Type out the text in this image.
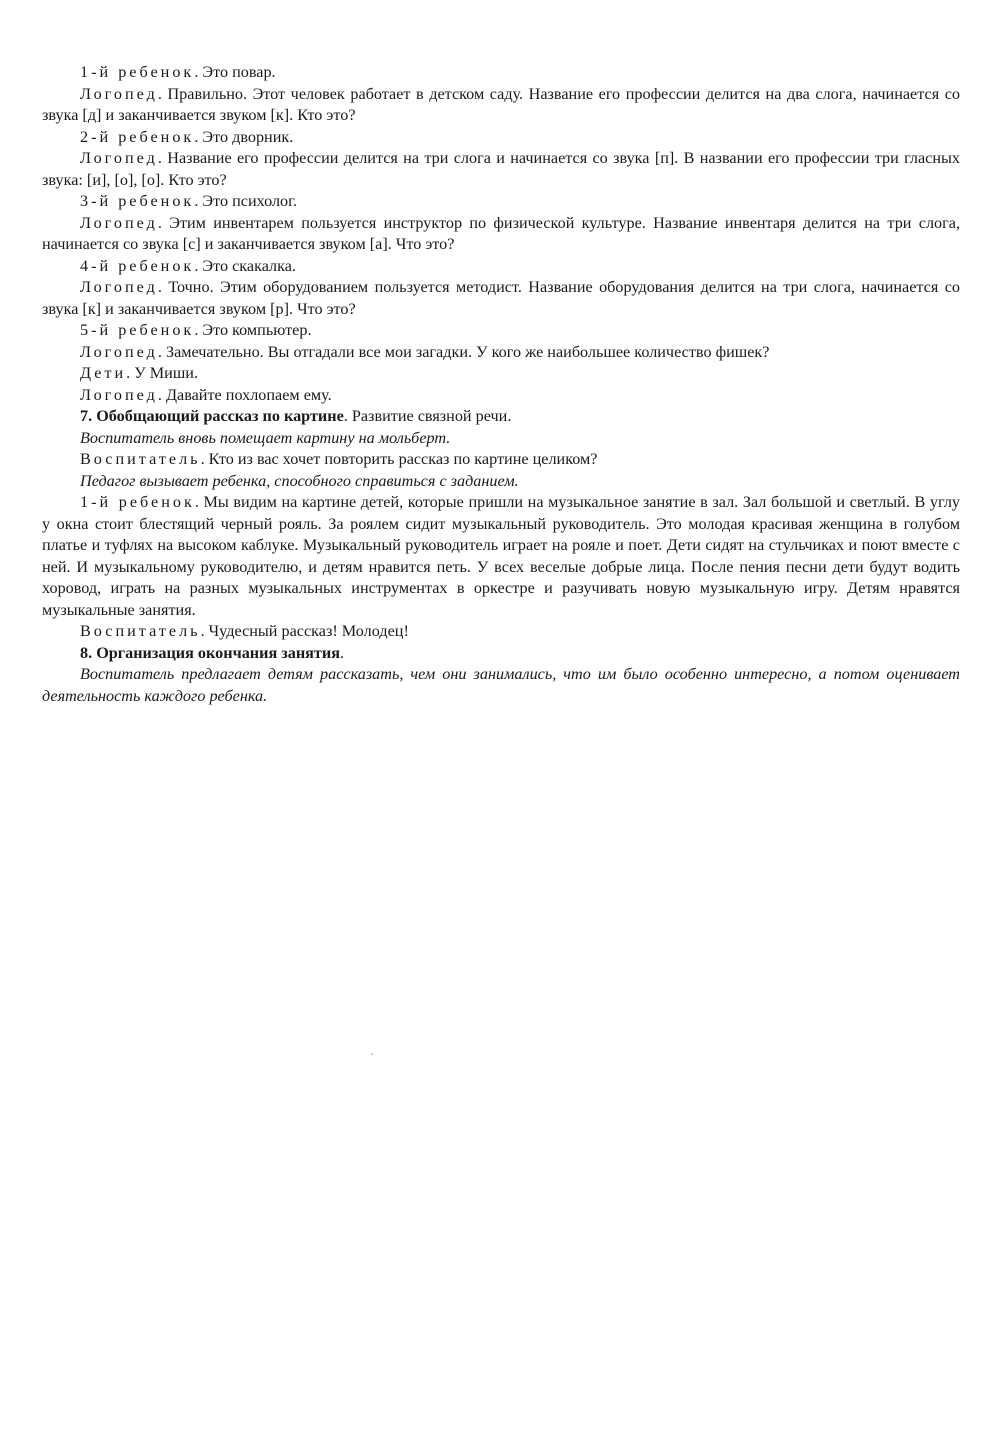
1-й ребенок. Это повар.

Логопед. Правильно. Этот человек работает в детском саду. Название его профессии делится на два слога, начинается со звука [д] и заканчивается звуком [к]. Кто это?

2-й ребенок. Это дворник.

Логопед. Название его профессии делится на три слога и начинается со звука [п]. В названии его профессии три гласных звука: [и], [о], [о]. Кто это?

3-й ребенок. Это психолог.

Логопед. Этим инвентарем пользуется инструктор по физической культуре. Название инвентаря делится на три слога, начинается со звука [с] и заканчивается звуком [а]. Что это?

4-й ребенок. Это скакалка.

Логопед. Точно. Этим оборудованием пользуется методист. Название оборудования делится на три слога, начинается со звука [к] и заканчивается звуком [р]. Что это?

5-й ребенок. Это компьютер.

Логопед. Замечательно. Вы отгадали все мои загадки. У кого же наибольшее количество фишек?

Дети. У Миши.

Логопед. Давайте похлопаем ему.

7. Обобщающий рассказ по картине. Развитие связной речи.

Воспитатель вновь помещает картину на мольберт.

Воспитатель. Кто из вас хочет повторить рассказ по картине целиком?

Педагог вызывает ребенка, способного справиться с заданием.

1-й ребенок. Мы видим на картине детей, которые пришли на музыкальное занятие в зал. Зал большой и светлый. В углу у окна стоит блестящий черный рояль. За роялем сидит музыкальный руководитель. Это молодая красивая женщина в голубом платье и туфлях на высоком каблуке. Музыкальный руководитель играет на рояле и поет. Дети сидят на стульчиках и поют вместе с ней. И музыкальному руководителю, и детям нравится петь. У всех веселые добрые лица. После пения песни дети будут водить хоровод, играть на разных музыкальных инструментах в оркестре и разучивать новую музыкальную игру. Детям нравятся музыкальные занятия.

Воспитатель. Чудесный рассказ! Молодец!

8. Организация окончания занятия.

Воспитатель предлагает детям рассказать, чем они занимались, что им было особенно интересно, а потом оценивает деятельность каждого ребенка.
